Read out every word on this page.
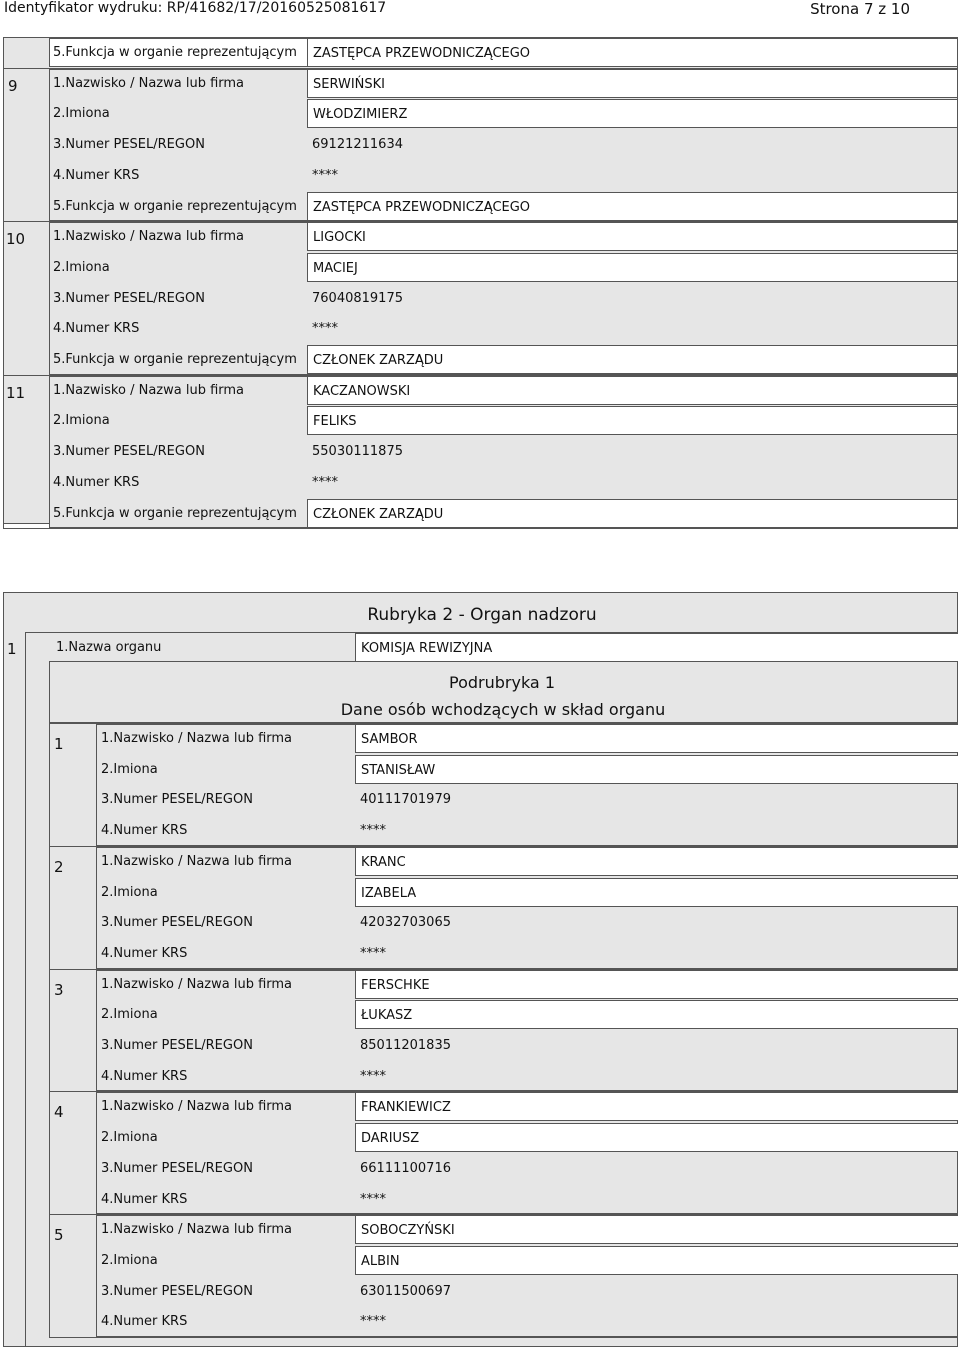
Identyfikator wydruku: RP/41682/17/20160525081617	Strona 7 z 10
5.Funkcja w organie reprezentującym	ZASTĘPCA PRZEWODNICZĄCEGO
9	1.Nazwisko / Nazwa lub firma	SERWIŃSKI
2.Imiona	WŁODZIMIERZ
3.Numer PESEL/REGON	69121211634
4.Numer KRS	****
5.Funkcja w organie reprezentującym	ZASTĘPCA PRZEWODNICZĄCEGO
10	1.Nazwisko / Nazwa lub firma	LIGOCKI
2.Imiona	MACIEJ
3.Numer PESEL/REGON	76040819175
4.Numer KRS	****
5.Funkcja w organie reprezentującym	CZŁONEK ZARZĄDU
11	1.Nazwisko / Nazwa lub firma	KACZANOWSKI
2.Imiona	FELIKS
3.Numer PESEL/REGON	55030111875
4.Numer KRS	****
5.Funkcja w organie reprezentującym	CZŁONEK ZARZĄDU
Rubryka 2 - Organ nadzoru
1	1.Nazwa organu	KOMISJA REWIZYJNA
Podrubryka 1
Dane osób wchodzących w skład organu
1	1.Nazwisko / Nazwa lub firma	SAMBOR
2.Imiona	STANISŁAW
3.Numer PESEL/REGON	40111701979
4.Numer KRS	****
2	1.Nazwisko / Nazwa lub firma	KRANC
2.Imiona	IZABELA
3.Numer PESEL/REGON	42032703065
4.Numer KRS	****
3	1.Nazwisko / Nazwa lub firma	FERSCHKE
2.Imiona	ŁUKASZ
3.Numer PESEL/REGON	85011201835
4.Numer KRS	****
4	1.Nazwisko / Nazwa lub firma	FRANKIEWICZ
2.Imiona	DARIUSZ
3.Numer PESEL/REGON	66111100716
4.Numer KRS	****
5	1.Nazwisko / Nazwa lub firma	SOBOCZYŃSKI
2.Imiona	ALBIN
3.Numer PESEL/REGON	63011500697
4.Numer KRS	****
